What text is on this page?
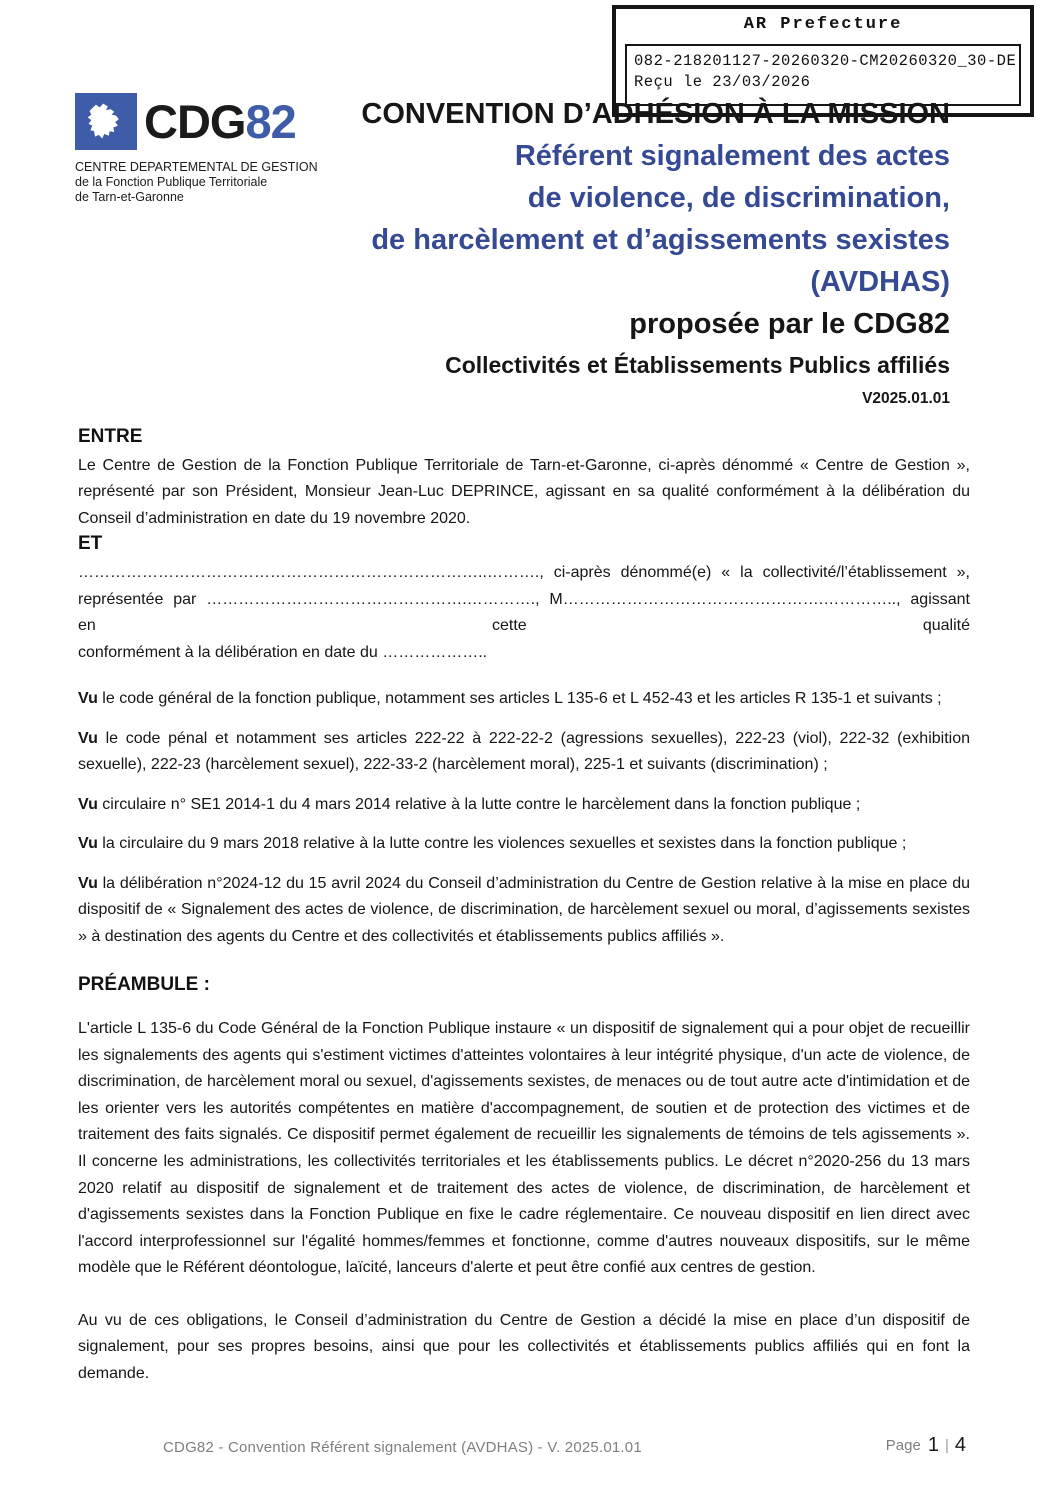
CONVENTION D’ADHÉSION À LA MISSION
Référent signalement des actes
de violence, de discrimination,
de harcèlement et d’agissements sexistes
(AVDHAS)
proposée par le CDG82
Collectivités et Établissements Publics affiliés
V2025.01.01
AR Prefecture
082-218201127-20260320-CM20260320_30-DE
Reçu le 23/03/2026
CDG82
CENTRE DEPARTEMENTAL DE GESTION
de la Fonction Publique Territoriale
de Tarn-et-Garonne
ENTRE

Le Centre de Gestion de la Fonction Publique Territoriale de Tarn-et-Garonne, ci-après dénommé « Centre de Gestion », représenté par son Président, Monsieur Jean-Luc DEPRINCE, agissant en sa qualité conformément à la délibération du Conseil d’administration en date du 19 novembre 2020.

ET
…………………………………………………………………..………., ci-après dénommé(e) « la collectivité/l’établissement »,
représentée par ………………………………………….…………., M………………………………………….………….., agissant en cette qualité
conformément à la délibération en date du ………………..

Vu le code général de la fonction publique, notamment ses articles L 135-6 et L 452-43 et les articles R 135-1 et suivants ;

Vu le code pénal et notamment ses articles 222-22 à 222-22-2 (agressions sexuelles), 222-23 (viol), 222-32 (exhibition sexuelle), 222-23 (harcèlement sexuel), 222-33-2 (harcèlement moral), 225-1 et suivants (discrimination) ;

Vu circulaire n° SE1 2014-1 du 4 mars 2014 relative à la lutte contre le harcèlement dans la fonction publique ;

Vu la circulaire du 9 mars 2018 relative à la lutte contre les violences sexuelles et sexistes dans la fonction publique ;

Vu la délibération n°2024-12 du 15 avril 2024 du Conseil d’administration du Centre de Gestion relative à la mise en place du dispositif de « Signalement des actes de violence, de discrimination, de harcèlement sexuel ou moral, d’agissements sexistes » à destination des agents du Centre et des collectivités et établissements publics affiliés ».

PRÉAMBULE :

L'article L 135-6 du Code Général de la Fonction Publique instaure « un dispositif de signalement qui a pour objet de recueillir les signalements des agents qui s'estiment victimes d'atteintes volontaires à leur intégrité physique, d'un acte de violence, de discrimination, de harcèlement moral ou sexuel, d'agissements sexistes, de menaces ou de tout autre acte d'intimidation et de les orienter vers les autorités compétentes en matière d'accompagnement, de soutien et de protection des victimes et de traitement des faits signalés. Ce dispositif permet également de recueillir les signalements de témoins de tels agissements ». Il concerne les administrations, les collectivités territoriales et les établissements publics. Le décret n°2020-256 du 13 mars 2020 relatif au dispositif de signalement et de traitement des actes de violence, de discrimination, de harcèlement et d'agissements sexistes dans la Fonction Publique en fixe le cadre réglementaire. Ce nouveau dispositif en lien direct avec l'accord interprofessionnel sur l'égalité hommes/femmes et fonctionne, comme d'autres nouveaux dispositifs, sur le même modèle que le Référent déontologue, laïcité, lanceurs d'alerte et peut être confié aux centres de gestion.

Au vu de ces obligations, le Conseil d’administration du Centre de Gestion a décidé la mise en place d’un dispositif de signalement, pour ses propres besoins, ainsi que pour les collectivités et établissements publics affiliés qui en font la demande.

CDG82 - Convention Référent signalement (AVDHAS) - V. 2025.01.01	Page 1 | 4
